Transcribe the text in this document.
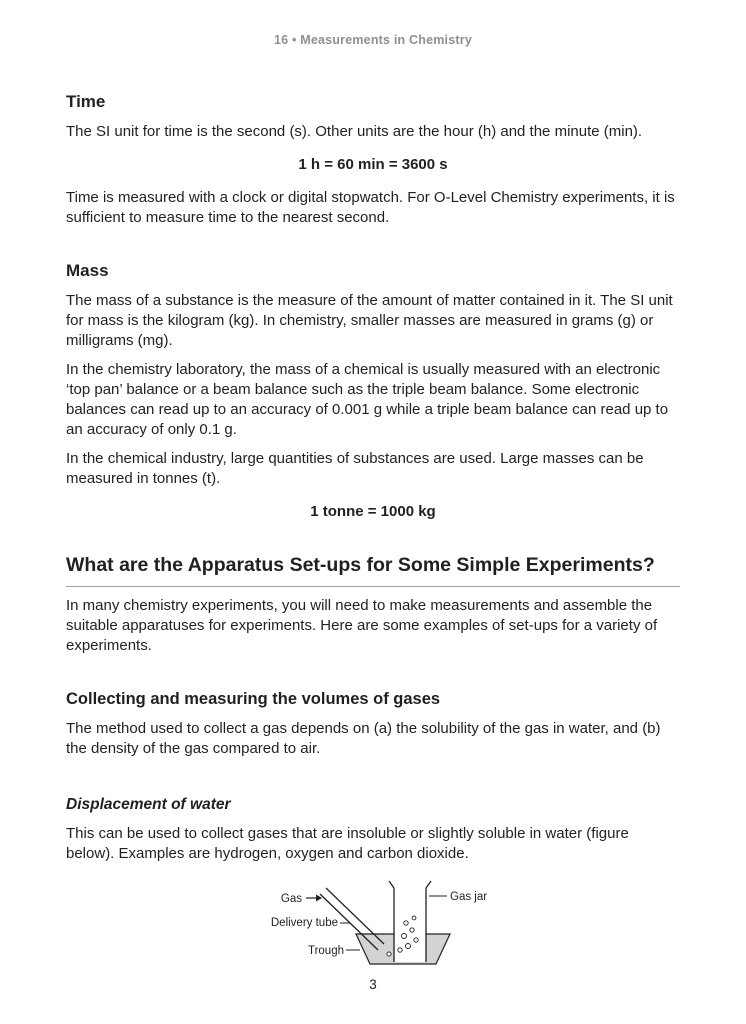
16 • Measurements in Chemistry
Time

The SI unit for time is the second (s). Other units are the hour (h) and the minute (min).

1 h = 60 min = 3600 s

Time is measured with a clock or digital stopwatch. For O-Level Chemistry experiments, it is sufficient to measure time to the nearest second.

Mass

The mass of a substance is the measure of the amount of matter contained in it. The SI unit for mass is the kilogram (kg). In chemistry, smaller masses are measured in grams (g) or milligrams (mg).

In the chemistry laboratory, the mass of a chemical is usually measured with an electronic ‘top pan’ balance or a beam balance such as the triple beam balance. Some electronic balances can read up to an accuracy of 0.001 g while a triple beam balance can read up to an accuracy of only 0.1 g.

In the chemical industry, large quantities of substances are used. Large masses can be measured in tonnes (t).

1 tonne = 1000 kg

What are the Apparatus Set-ups for Some Simple Experiments?

In many chemistry experiments, you will need to make measurements and assemble the suitable apparatuses for experiments. Here are some examples of set-ups for a variety of experiments.

Collecting and measuring the volumes of gases

The method used to collect a gas depends on (a) the solubility of the gas in water, and (b) the density of the gas compared to air.

Displacement of water

This can be used to collect gases that are insoluble or slightly soluble in water (figure below). Examples are hydrogen, oxygen and carbon dioxide.

Gas
Delivery tube
Trough
Gas jar
3
